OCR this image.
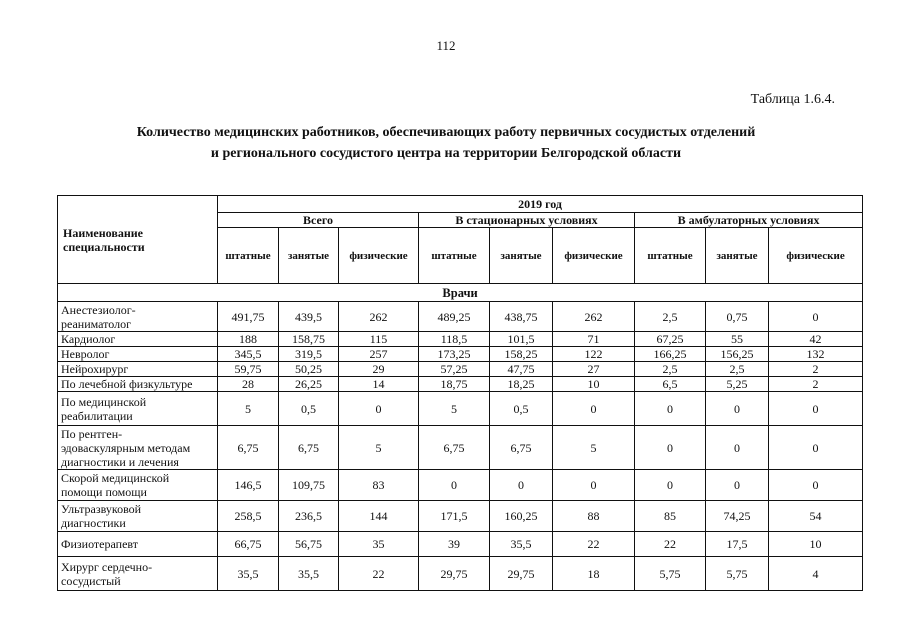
112
Таблица 1.6.4.
Количество медицинских работников, обеспечивающих работу первичных сосудистых отделений
и регионального сосудистого центра на территории Белгородской области
Наименование специальности	2019 год								
	Всего			В стационарных условиях			В амбулаторных условиях		
	штатные	занятые	физические	штатные	занятые	физические	штатные	занятые	физические
Врачи									
Анестезиолог-
реаниматолог	491,75	439,5	262	489,25	438,75	262	2,5	0,75	0
Кардиолог	188	158,75	115	118,5	101,5	71	67,25	55	42
Невролог	345,5	319,5	257	173,25	158,25	122	166,25	156,25	132
Нейрохирург	59,75	50,25	29	57,25	47,75	27	2,5	2,5	2
По лечебной физкультуре	28	26,25	14	18,75	18,25	10	6,5	5,25	2
По медицинской
реабилитации	5	0,5	0	5	0,5	0	0	0	0
По рентген-
эдоваскулярным методам
диагностики и лечения	6,75	6,75	5	6,75	6,75	5	0	0	0
Скорой медицинской
помощи помощи	146,5	109,75	83	0	0	0	0	0	0
Ультразвуковой
диагностики	258,5	236,5	144	171,5	160,25	88	85	74,25	54
Физиотерапевт	66,75	56,75	35	39	35,5	22	22	17,5	10
Хирург сердечно-
сосудистый	35,5	35,5	22	29,75	29,75	18	5,75	5,75	4
